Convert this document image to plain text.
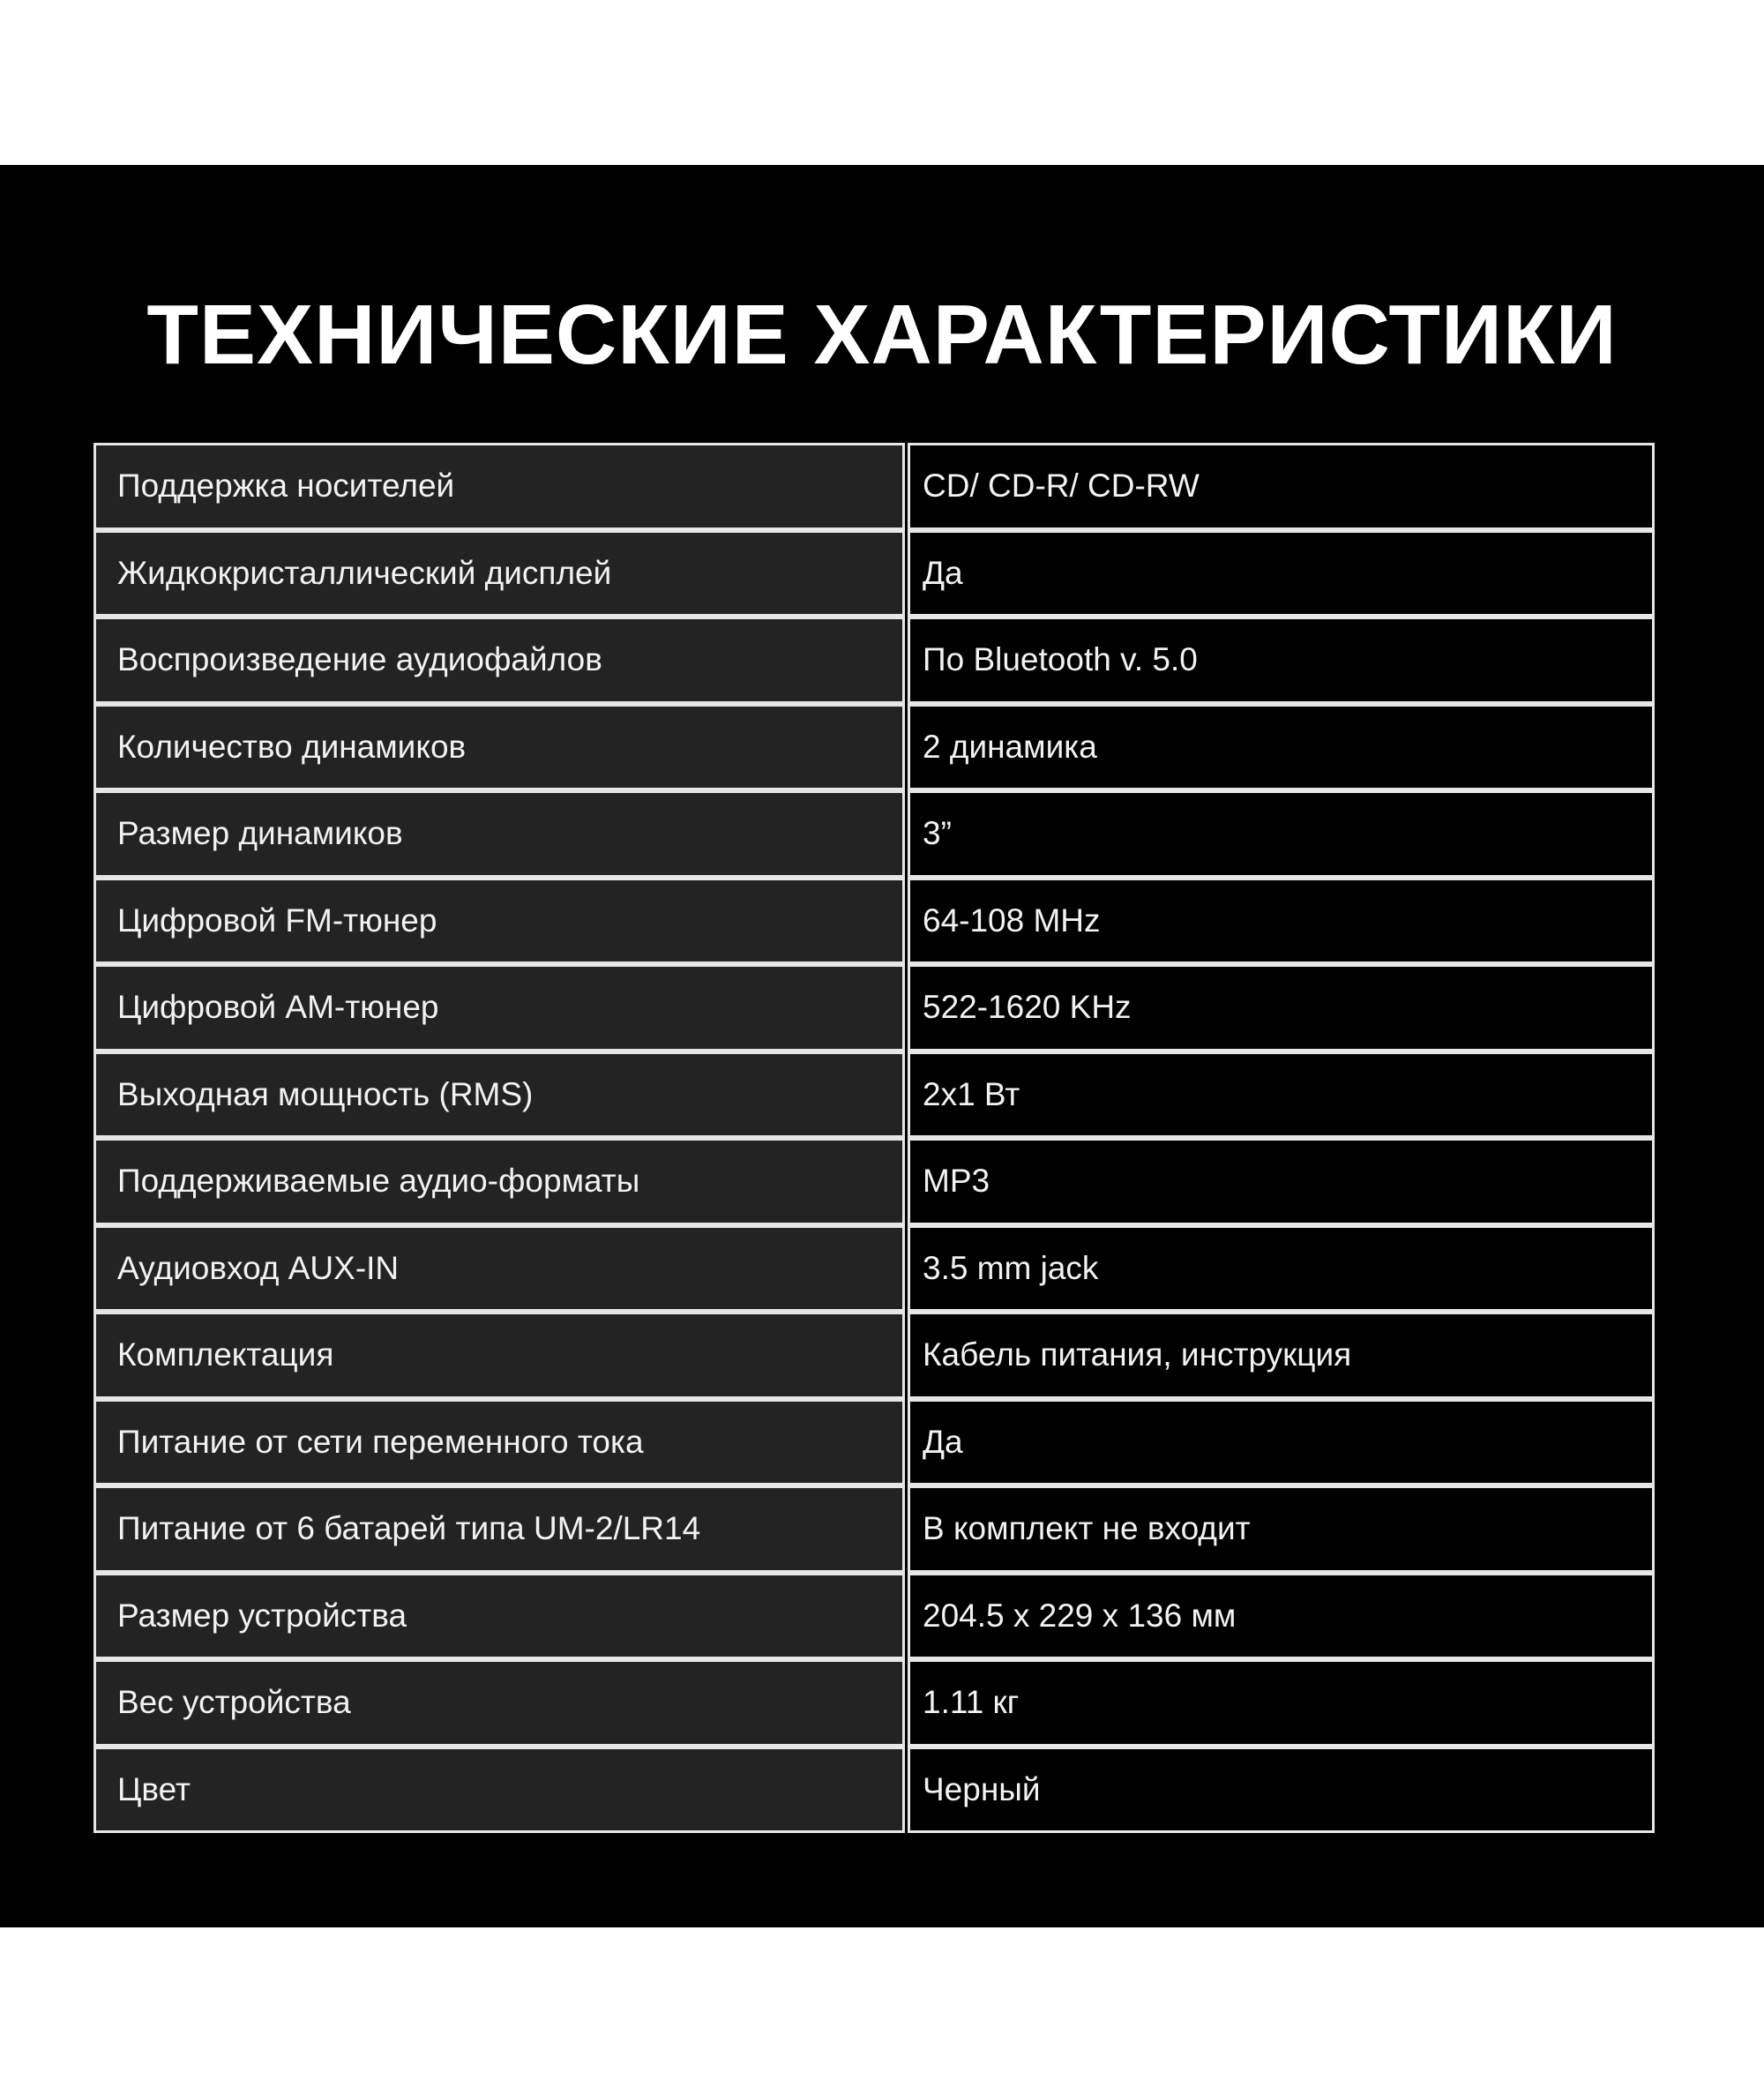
ТЕХНИЧЕСКИЕ ХАРАКТЕРИСТИКИ
Поддержка носителей	CD/ CD-R/ CD-RW
Жидкокристаллический дисплей	Да
Воспроизведение аудиофайлов	По Bluetooth v. 5.0
Количество динамиков	2 динамика
Размер динамиков	3”
Цифровой FM-тюнер	64-108 MHz
Цифровой AM-тюнер	522-1620 KHz
Выходная мощность (RMS)	2x1 Вт
Поддерживаемые аудио-форматы	MP3
Аудиовход AUX-IN	3.5 mm jack
Комплектация	Кабель питания, инструкция
Питание от сети переменного тока	Да
Питание от 6 батарей типа UM-2/LR14	В комплект не входит
Размер устройства	204.5 x 229 x 136 мм
Вес устройства	1.11 кг
Цвет	Черный
